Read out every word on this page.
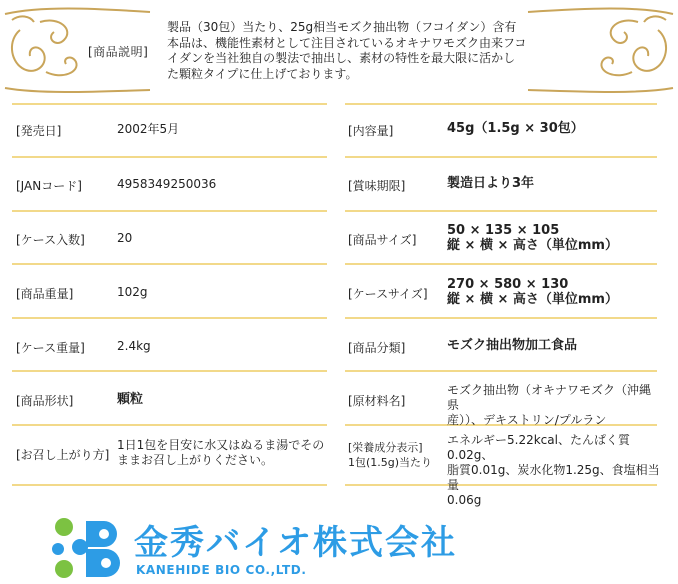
[商品説明]
製品（30包）当たり、25g相当モズク抽出物（フコイダン）含有
本品は、機能性素材として注目されているオキナワモズク由来フコ
イダンを当社独自の製法で抽出し、素材の特性を最大限に活かし
た顆粒タイプに仕上げております。
[発売日]	2002年5月
[JANコード]	4958349250036
[ケース入数]	20
[商品重量]	102g
[ケース重量]	2.4kg
[商品形状]	顆粒
[お召し上がり方]
1日1包を目安に水又はぬるま湯でその
ままお召し上がりください。
[内容量]	45g（1.5g × 30包）
[賞味期限]	製造日より3年
[商品サイズ]
50 × 135 × 105
縦 × 横 × 高さ（単位mm）
[ケースサイズ]
270 × 580 × 130
縦 × 横 × 高さ（単位mm）
[商品分類]	モズク抽出物加工食品
[原材料名]
モズク抽出物（オキナワモズク（沖縄県
産））、デキストリン/プルラン
[栄養成分表示]
1包(1.5g)当たり
エネルギー5.22kcal、たんぱく質0.02g、
脂質0.01g、炭水化物1.25g、食塩相当量
0.06g
金秀バイオ株式会社
KANEHIDE BIO CO.,LTD.
